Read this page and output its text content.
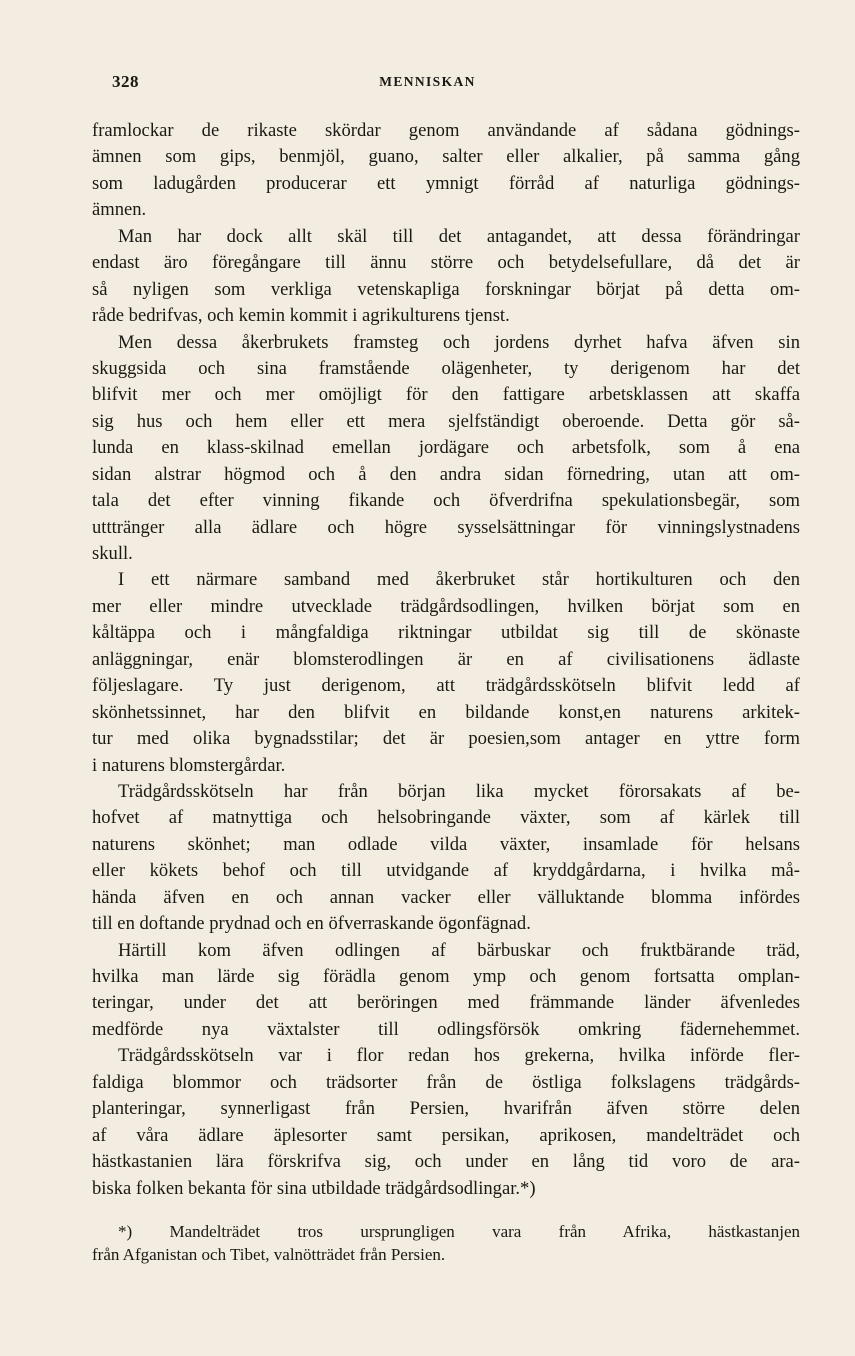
328	MENNISKAN
framlockar de rikaste skördar genom användande af sådana gödnings-
ämnen som gips, benmjöl, guano, salter eller alkalier, på samma gång
som ladugården producerar ett ymnigt förråd af naturliga gödnings-
ämnen.
Man har dock allt skäl till det antagandet, att dessa förändringar
endast äro föregångare till ännu större och betydelsefullare, då det är
så nyligen som verkliga vetenskapliga forskningar börjat på detta om-
råde bedrifvas, och kemin kommit i agrikulturens tjenst.
Men dessa åkerbrukets framsteg och jordens dyrhet hafva äfven sin
skuggsida och sina framstående olägenheter, ty derigenom har det
blifvit mer och mer omöjligt för den fattigare arbetsklassen att skaffa
sig hus och hem eller ett mera sjelfständigt oberoende. Detta gör så-
lunda en klass-skilnad emellan jordägare och arbetsfolk, som å ena
sidan alstrar högmod och å den andra sidan förnedring, utan att om-
tala det efter vinning fikande och öfverdrifna spekulationsbegär, som
utttränger alla ädlare och högre sysselsättningar för vinningslystnadens
skull.
I ett närmare samband med åkerbruket står hortikulturen och den
mer eller mindre utvecklade trädgårdsodlingen, hvilken börjat som en
kåltäppa och i mångfaldiga riktningar utbildat sig till de skönaste
anläggningar, enär blomsterodlingen är en af civilisationens ädlaste
följeslagare. Ty just derigenom, att trädgårdsskötseln blifvit ledd af
skönhetssinnet, har den blifvit en bildande konst,en naturens arkitek-
tur med olika bygnadsstilar; det är poesien,som antager en yttre form
i naturens blomstergårdar.
Trädgårdsskötseln har från början lika mycket förorsakats af be-
hofvet af matnyttiga och helsobringande växter, som af kärlek till
naturens skönhet; man odlade vilda växter, insamlade för helsans
eller kökets behof och till utvidgande af kryddgårdarna, i hvilka må-
hända äfven en och annan vacker eller välluktande blomma infördes
till en doftande prydnad och en öfverraskande ögonfägnad.
Härtill kom äfven odlingen af bärbuskar och fruktbärande träd,
hvilka man lärde sig förädla genom ymp och genom fortsatta omplan-
teringar, under det att beröringen med främmande länder äfvenledes
medförde nya växtalster till odlingsförsök omkring fädernehemmet.
Trädgårdsskötseln var i flor redan hos grekerna, hvilka införde fler-
faldiga blommor och trädsorter från de östliga folkslagens trädgårds-
planteringar, synnerligast från Persien, hvarifrån äfven större delen
af våra ädlare äplesorter samt persikan, aprikosen, mandelträdet och
hästkastanien lära förskrifva sig, och under en lång tid voro de ara-
biska folken bekanta för sina utbildade trädgårdsodlingar.*)
*) Mandelträdet tros ursprungligen vara från Afrika, hästkastanjen
från Afganistan och Tibet, valnötträdet från Persien.
